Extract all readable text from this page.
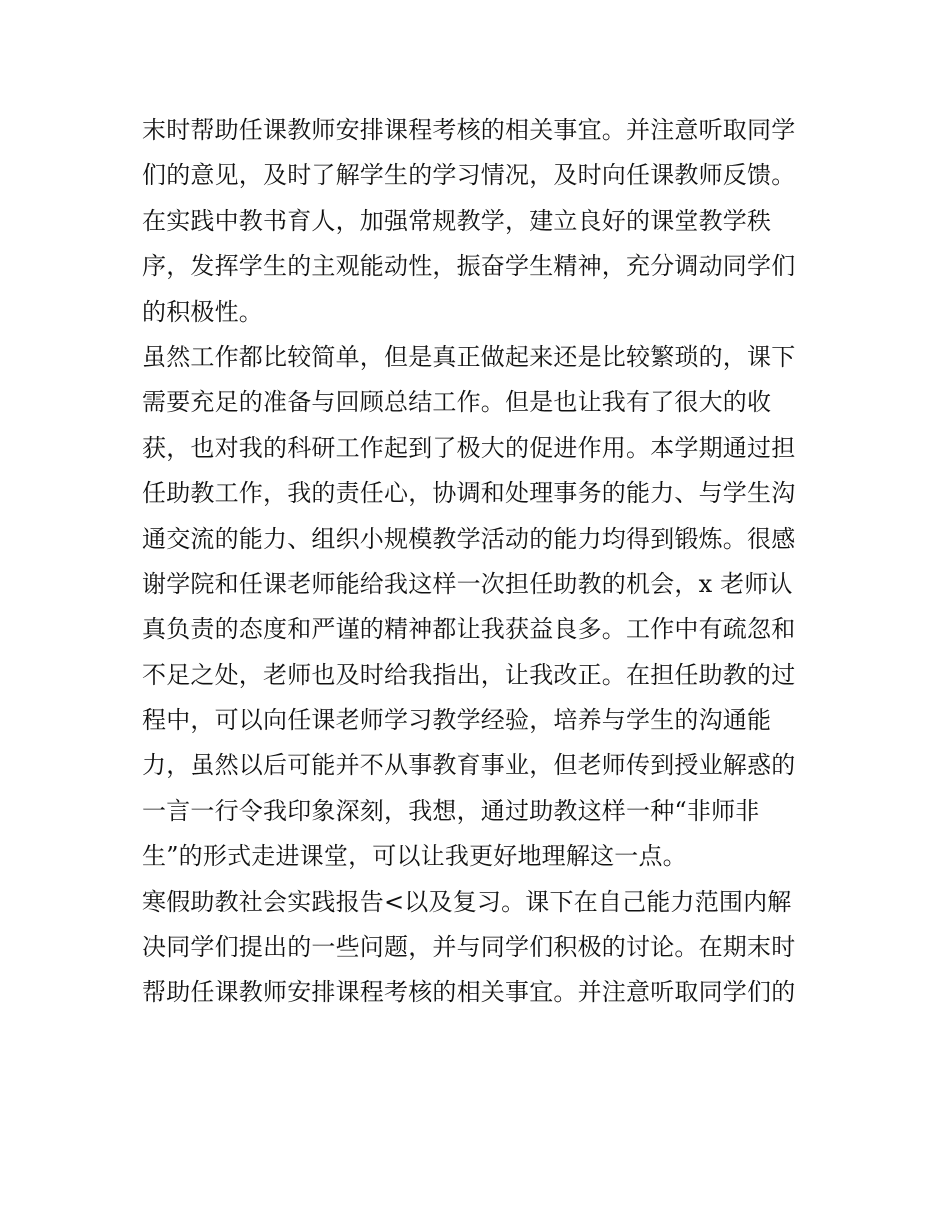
末时帮助任课教师安排课程考核的相关事宜。并注意听取同学
们的意见，及时了解学生的学习情况，及时向任课教师反馈。
在实践中教书育人，加强常规教学，建立良好的课堂教学秩
序，发挥学生的主观能动性，振奋学生精神，充分调动同学们
的积极性。
虽然工作都比较简单，但是真正做起来还是比较繁琐的，课下
需要充足的准备与回顾总结工作。但是也让我有了很大的收
获，也对我的科研工作起到了极大的促进作用。本学期通过担
任助教工作，我的责任心，协调和处理事务的能力、与学生沟
通交流的能力、组织小规模教学活动的能力均得到锻炼。很感
谢学院和任课老师能给我这样一次担任助教的机会，x 老师认
真负责的态度和严谨的精神都让我获益良多。工作中有疏忽和
不足之处，老师也及时给我指出，让我改正。在担任助教的过
程中，可以向任课老师学习教学经验，培养与学生的沟通能
力，虽然以后可能并不从事教育事业，但老师传到授业解惑的
一言一行令我印象深刻，我想，通过助教这样一种“非师非
生”的形式走进课堂，可以让我更好地理解这一点。
寒假助教社会实践报告<以及复习。课下在自己能力范围内解
决同学们提出的一些问题，并与同学们积极的讨论。在期末时
帮助任课教师安排课程考核的相关事宜。并注意听取同学们的
